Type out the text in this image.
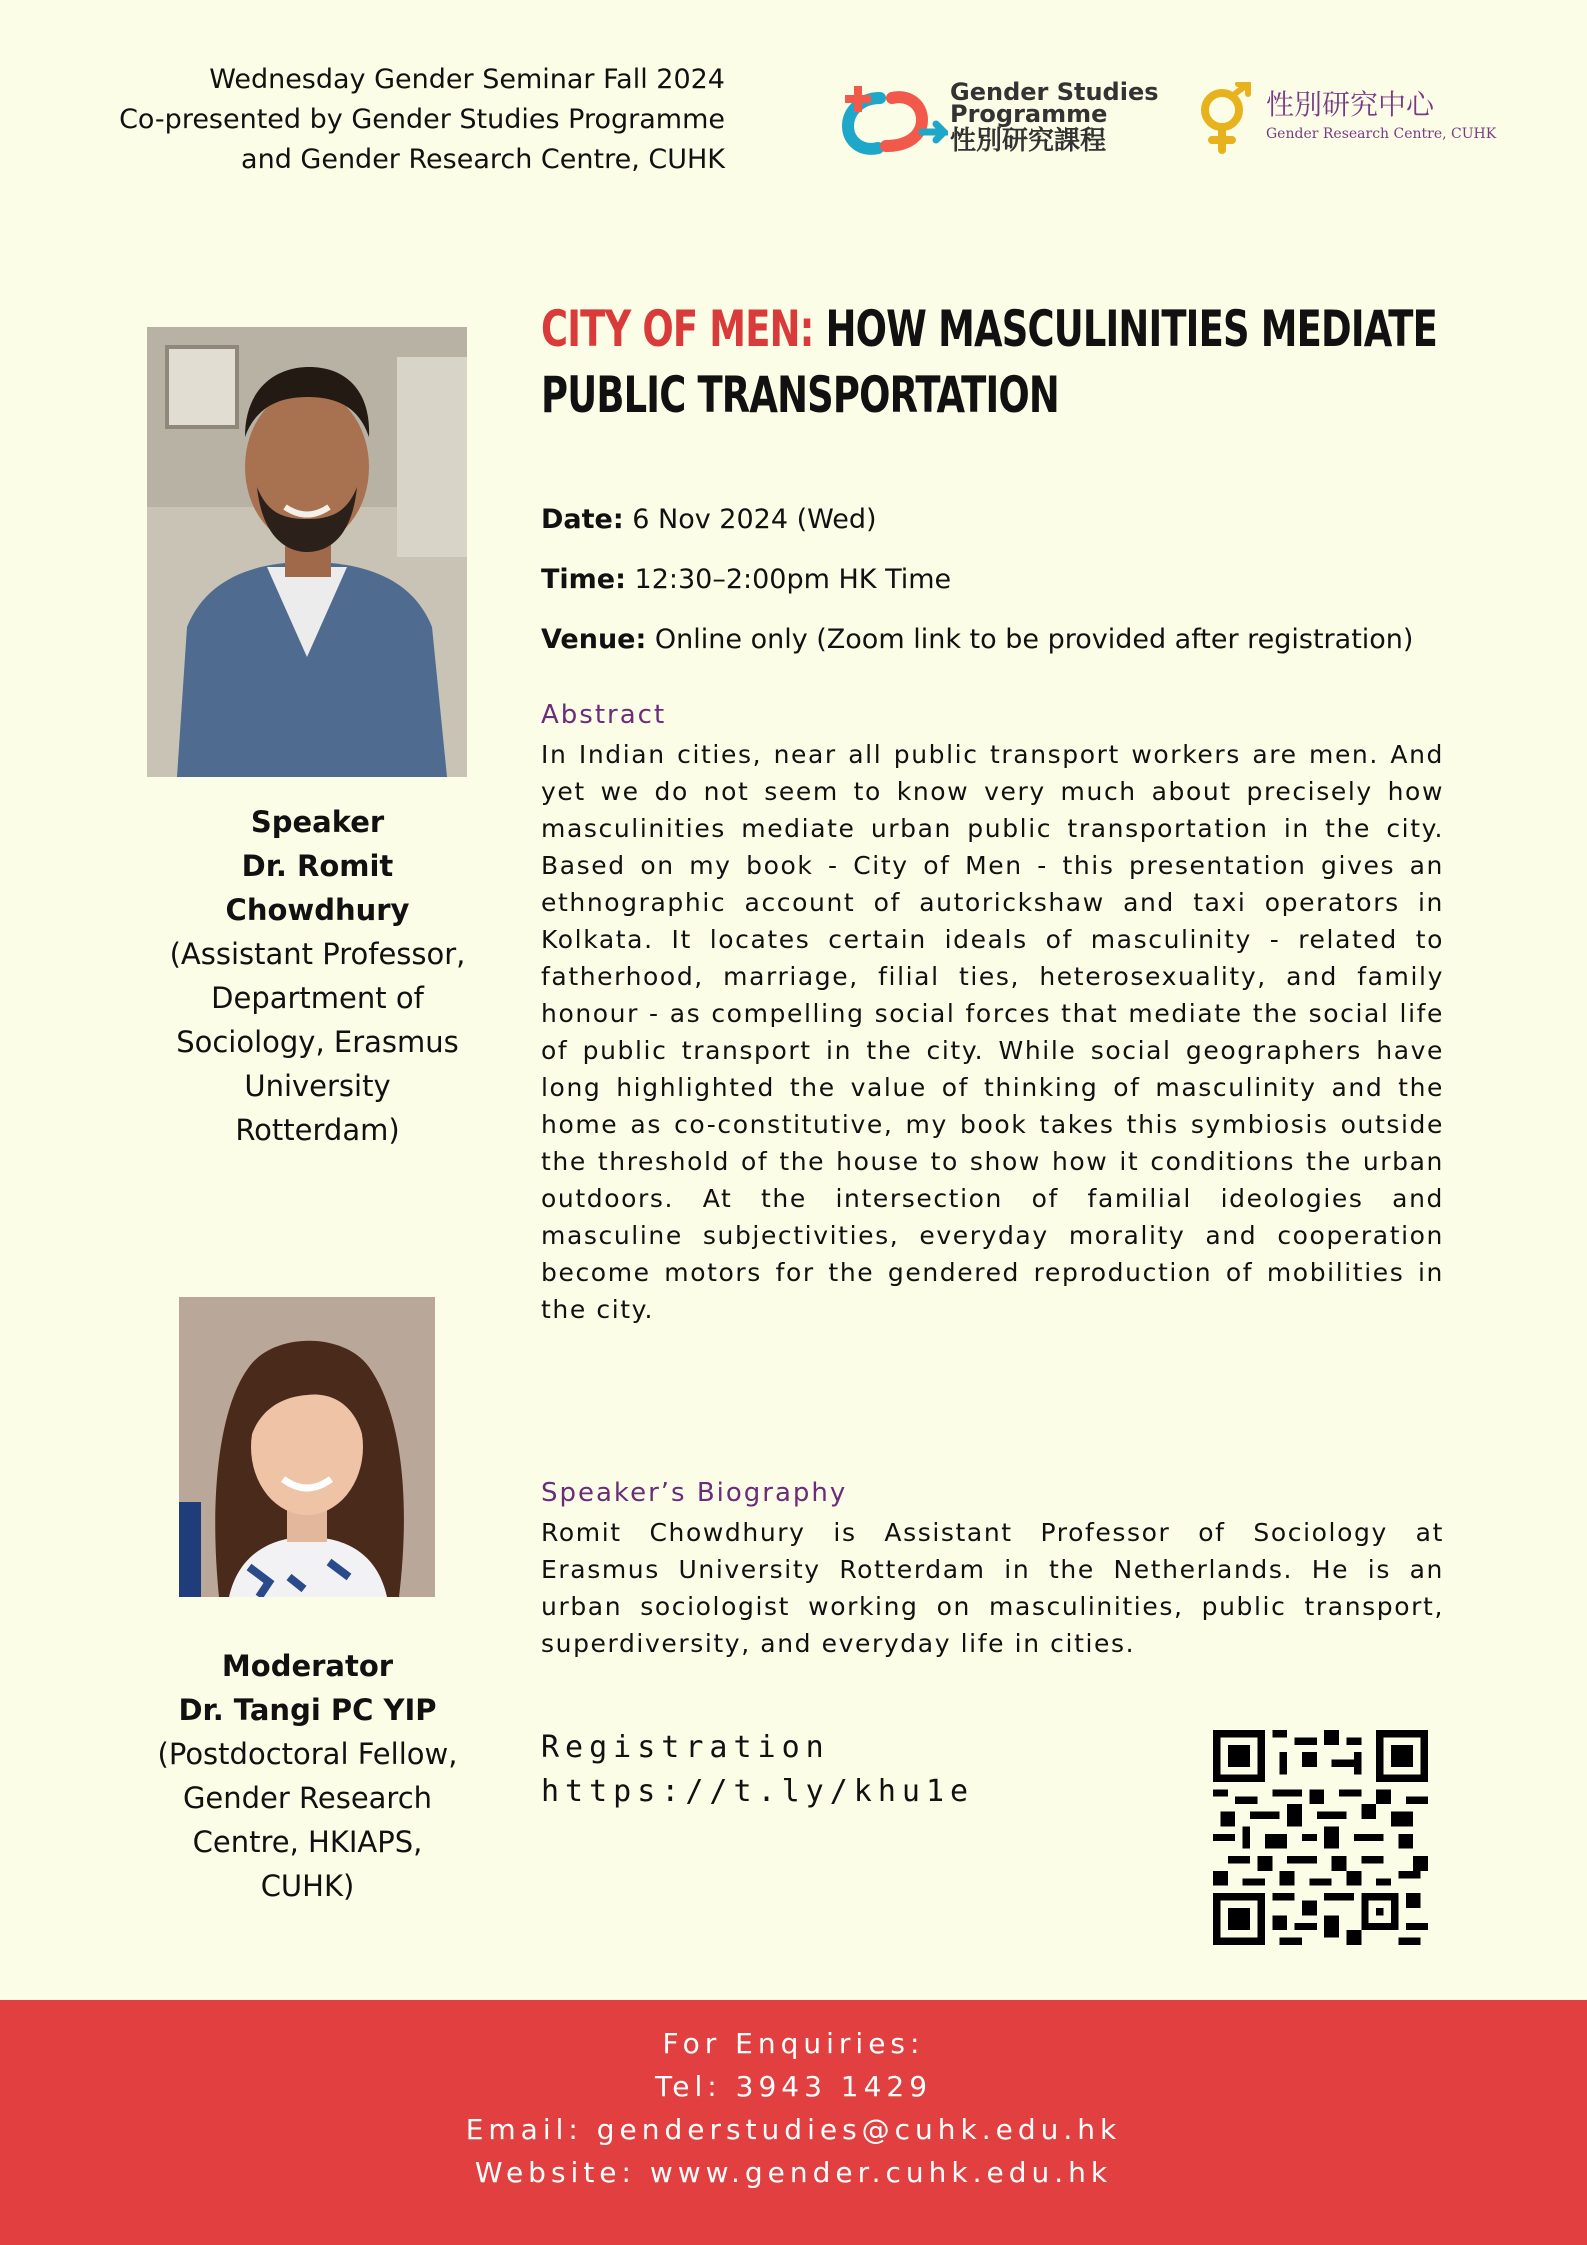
Wednesday Gender Seminar Fall 2024
Co-presented by Gender Studies Programme
and Gender Research Centre, CUHK
Gender Studies
Programme
性別研究課程
性別研究中心
Gender Research Centre, CUHK
Speaker
Dr. Romit
Chowdhury
(Assistant Professor,
Department of
Sociology, Erasmus
University
Rotterdam)
Moderator
Dr. Tangi PC YIP
(Postdoctoral Fellow,
Gender Research
Centre, HKIAPS,
CUHK)
CITY OF MEN: HOW MASCULINITIES MEDIATE PUBLIC TRANSPORTATION
Date: 6 Nov 2024 (Wed)
Time: 12:30–2:00pm HK Time
Venue: Online only (Zoom link to be provided after registration)
Abstract
In Indian cities, near all public transport workers are men. And yet we do not seem to know very much about precisely how masculinities mediate urban public transportation in the city. Based on my book - City of Men - this presentation gives an ethnographic account of autorickshaw and taxi operators in Kolkata. It locates certain ideals of masculinity - related to fatherhood, marriage, filial ties, heterosexuality, and family honour - as compelling social forces that mediate the social life of public transport in the city. While social geographers have long highlighted the value of thinking of masculinity and the home as co-constitutive, my book takes this symbiosis outside the threshold of the house to show how it conditions the urban outdoors. At the intersection of familial ideologies and masculine subjectivities, everyday morality and cooperation become motors for the gendered reproduction of mobilities in the city.
Speaker’s Biography
Romit Chowdhury is Assistant Professor of Sociology at Erasmus University Rotterdam in the Netherlands. He is an urban sociologist working on masculinities, public transport, superdiversity, and everyday life in cities.
Registration
https://t.ly/khu1e
For Enquiries:
Tel: 3943 1429
Email: genderstudies@cuhk.edu.hk
Website: www.gender.cuhk.edu.hk
